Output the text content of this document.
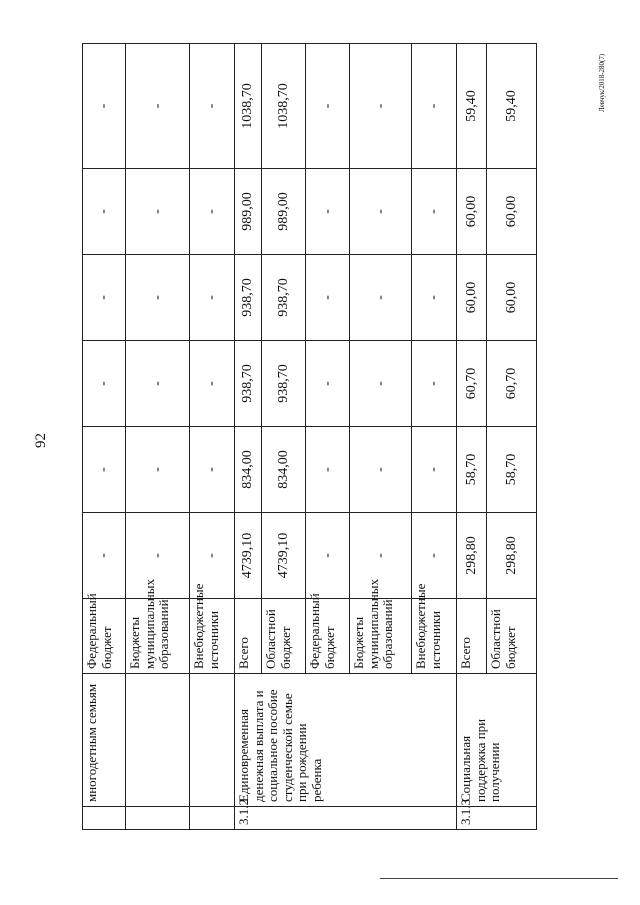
92
Левчук/2018-280(7)
	многодетным семьям	Федеральный бюджет	-	-	-	-	-	-
		Бюджеты муниципальных образований	-	-	-	-	-	-
		Внебюджетные источники	-	-	-	-	-	-
3.1.2	Единовременная денежная выплата и социальное пособие студенческой семье при рождении ребенка	Всего	4739,10	834,00	938,70	938,70	989,00	1038,70
		Областной бюджет	4739,10	834,00	938,70	938,70	989,00	1038,70
		Федеральный бюджет	-	-	-	-	-	-
		Бюджеты муниципальных образований	-	-	-	-	-	-
		Внебюджетные источники	-	-	-	-	-	-
3.1.3	Социальная поддержка при получении	Всего	298,80	58,70	60,70	60,00	60,00	59,40
		Областной бюджет	298,80	58,70	60,70	60,00	60,00	59,40
